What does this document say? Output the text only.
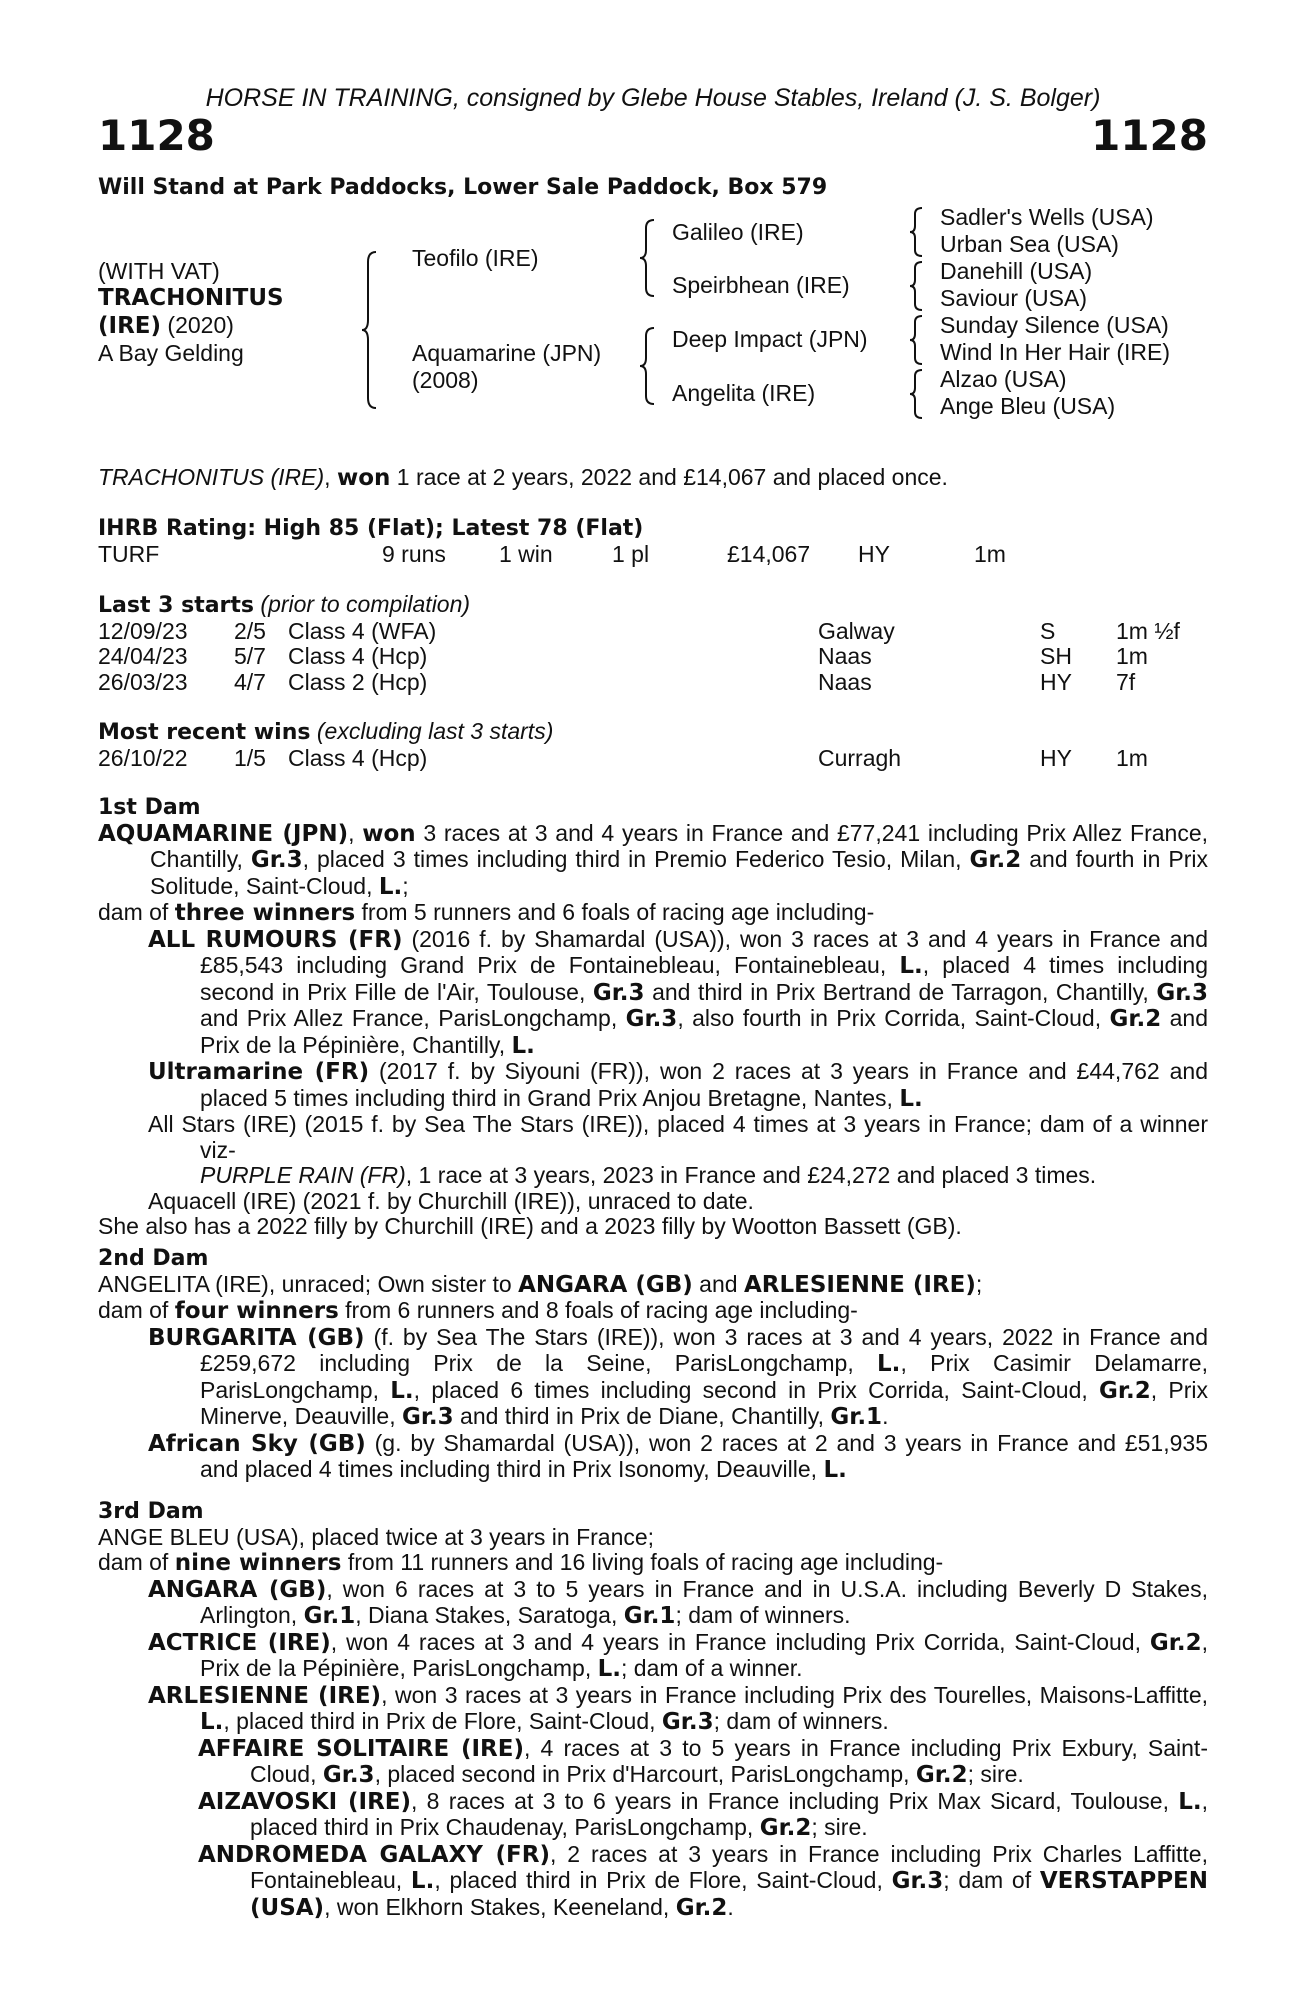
HORSE IN TRAINING, consigned by Glebe House Stables, Ireland (J. S. Bolger)
1128	1128
Will Stand at Park Paddocks, Lower Sale Paddock, Box 579
(WITH VAT)
TRACHONITUS
(IRE) (2020)
A Bay Gelding
Teofilo (IRE)
Aquamarine (JPN)
(2008)
Galileo (IRE)
Speirbhean (IRE)
Deep Impact (JPN)
Angelita (IRE)
Sadler's Wells (USA)
Urban Sea (USA)
Danehill (USA)
Saviour (USA)
Sunday Silence (USA)
Wind In Her Hair (IRE)
Alzao (USA)
Ange Bleu (USA)
TRACHONITUS (IRE), won 1 race at 2 years, 2022 and £14,067 and placed once.
IHRB Rating: High 85 (Flat); Latest 78 (Flat)
TURF	9 runs 1 win	1 pl	£14,067 HY	1m
Last 3 starts (prior to compilation)
12/09/23 2/5 Class 4 (WFA)	Galway	S	1m ½f
24/04/23 5/7 Class 4 (Hcp)	Naas	SH 1m
26/03/23 4/7 Class 2 (Hcp)	Naas	HY 7f
Most recent wins (excluding last 3 starts)
26/10/22 1/5 Class 4 (Hcp)	Curragh	HY 1m
1st Dam
AQUAMARINE (JPN), won 3 races at 3 and 4 years in France and £77,241 including Prix Allez France, Chantilly, Gr.3, placed 3 times including third in Premio Federico Tesio, Milan, Gr.2 and fourth in Prix Solitude, Saint-Cloud, L.;
dam of three winners from 5 runners and 6 foals of racing age including-
ALL RUMOURS (FR) (2016 f. by Shamardal (USA)), won 3 races at 3 and 4 years in France and £85,543 including Grand Prix de Fontainebleau, Fontainebleau, L., placed 4 times including second in Prix Fille de l'Air, Toulouse, Gr.3 and third in Prix Bertrand de Tarragon, Chantilly, Gr.3 and Prix Allez France, ParisLongchamp, Gr.3, also fourth in Prix Corrida, Saint-Cloud, Gr.2 and Prix de la Pépinière, Chantilly, L.
Ultramarine (FR) (2017 f. by Siyouni (FR)), won 2 races at 3 years in France and £44,762 and placed 5 times including third in Grand Prix Anjou Bretagne, Nantes, L.
All Stars (IRE) (2015 f. by Sea The Stars (IRE)), placed 4 times at 3 years in France; dam of a winner viz-
PURPLE RAIN (FR), 1 race at 3 years, 2023 in France and £24,272 and placed 3 times.
Aquacell (IRE) (2021 f. by Churchill (IRE)), unraced to date.
She also has a 2022 filly by Churchill (IRE) and a 2023 filly by Wootton Bassett (GB).
2nd Dam
ANGELITA (IRE), unraced; Own sister to ANGARA (GB) and ARLESIENNE (IRE);
dam of four winners from 6 runners and 8 foals of racing age including-
BURGARITA (GB) (f. by Sea The Stars (IRE)), won 3 races at 3 and 4 years, 2022 in France and £259,672 including Prix de la Seine, ParisLongchamp, L., Prix Casimir Delamarre, ParisLongchamp, L., placed 6 times including second in Prix Corrida, Saint-Cloud, Gr.2, Prix Minerve, Deauville, Gr.3 and third in Prix de Diane, Chantilly, Gr.1.
African Sky (GB) (g. by Shamardal (USA)), won 2 races at 2 and 3 years in France and £51,935 and placed 4 times including third in Prix Isonomy, Deauville, L.
3rd Dam
ANGE BLEU (USA), placed twice at 3 years in France;
dam of nine winners from 11 runners and 16 living foals of racing age including-
ANGARA (GB), won 6 races at 3 to 5 years in France and in U.S.A. including Beverly D Stakes, Arlington, Gr.1, Diana Stakes, Saratoga, Gr.1; dam of winners.
ACTRICE (IRE), won 4 races at 3 and 4 years in France including Prix Corrida, Saint-Cloud, Gr.2, Prix de la Pépinière, ParisLongchamp, L.; dam of a winner.
ARLESIENNE (IRE), won 3 races at 3 years in France including Prix des Tourelles, Maisons-Laffitte, L., placed third in Prix de Flore, Saint-Cloud, Gr.3; dam of winners.
AFFAIRE SOLITAIRE (IRE), 4 races at 3 to 5 years in France including Prix Exbury, Saint-Cloud, Gr.3, placed second in Prix d'Harcourt, ParisLongchamp, Gr.2; sire.
AIZAVOSKI (IRE), 8 races at 3 to 6 years in France including Prix Max Sicard, Toulouse, L., placed third in Prix Chaudenay, ParisLongchamp, Gr.2; sire.
ANDROMEDA GALAXY (FR), 2 races at 3 years in France including Prix Charles Laffitte, Fontainebleau, L., placed third in Prix de Flore, Saint-Cloud, Gr.3; dam of VERSTAPPEN (USA), won Elkhorn Stakes, Keeneland, Gr.2.
